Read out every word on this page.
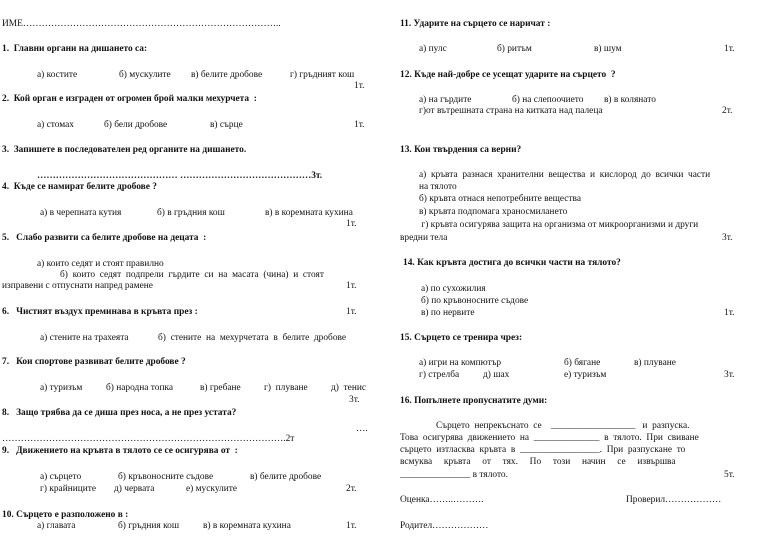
ИМЕ………………………………………………………………………..
1.  Главни органи на дишането са:
а) костите	б) мускулите в) белите дробове	г) гръдният кош
1т.
2.  Кой орган е изграден от огромен брой малки мехурчета  :
а) стомах	б) бели дробове	в) сърце	1т.
3.  Запишете в последователен ред органите на дишането.
……………………………………… ……………………………………3т.
4.  Къде се намират белите дробове ?
а) в черепната кутия	б) в гръдния кош	в) в коремната кухина
1т.
5.   Слабо развити са белите дробове на децата  :
а) които седят и стоят правилно
б)  които  седят  подпрели  гърдите  си  на  масата  (чина)  и  стоят
изправени с отпуснати напред рамене	1т.
6.   Чистият въздух преминава в кръвта през :	1т.
а) стените на трахеята	б)  стените  на  мехурчетата  в  белите  дробове
7.   Кои спортове развиват белите дробове ?
а) туризъм	б) народна топка	в) гребане г)  плуване д)  тенис
3т.
8.   Защо трябва да се диша през носа, а не през устата?
….
……………………………………………………………………………….2т
9.   Движението на кръвта в тялото се се осигурява от  :
а) сърцето	б) кръвоносните съдове	в) белите дробове
г) крайниците д) червата	е) мускулите	2т.
10. Сърцето е разположено в :
а) главата	б) гръдния кош	в) в коремната кухина	1т.
11. Ударите на сърцето се наричат :
а) пулс	б) ритъм	в) шум	1т.
12. Къде най-добре се усещат ударите на сърцето  ?
а) на гърдите	б) на слепоочието в) в колянато
г)от вътрешната страна на китката над палеца	2т.
13. Кои твърдения са верни?
а)  кръвта  разнася  хранителни  вещества  и  кислород  до  всички  части
на тялото
б) кръвта отнася непотребните вещества
в) кръвта подпомага храносмилането
г) кръвта осигурява защита на организма от микроорганизми и други
вредни тела	3т.
14. Как кръвта достига до всички части на тялото?
а) по сухожилия
б) по кръвоносните съдове
в) по нервите	1т.
15. Сърцето се тренира чрез:
а) игри на компютър	б) бягане	в) плуване
г) стрелба	д) шах	е) туризъм	3т.
16. Попълнете пропуснатите думи:
Сърцето  непрекъснато  се    __________________   и  разпуска.
Това  осигурява  движението  на  ______________  в  тялото.  При  свиване
сърцето  изтласква  кръвта  в  _________________.  При  разпускане  то
всмуква     кръвта     от     тях.     По     този     начин     се     извършва
_______________ в тялото.	5т.
Оценка……..……….	Проверил………………
Родител………………
